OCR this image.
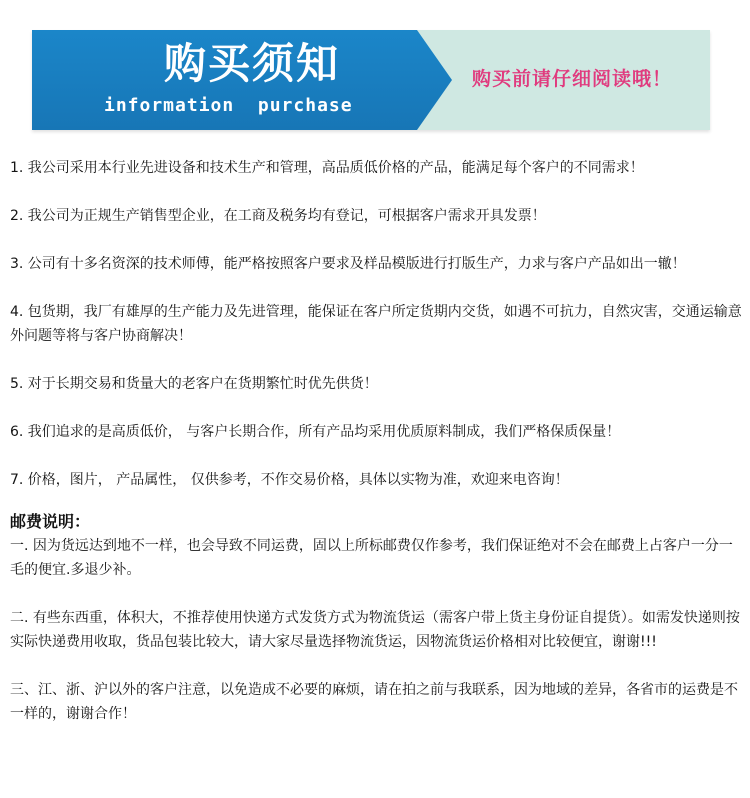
购买须知
information  purchase
购买前请仔细阅读哦！

1. 我公司采用本行业先进设备和技术生产和管理，高品质低价格的产品，能满足每个客户的不同需求！

2. 我公司为正规生产销售型企业，在工商及税务均有登记，可根据客户需求开具发票！

3. 公司有十多名资深的技术师傅，能严格按照客户要求及样品模版进行打版生产，力求与客户产品如出一辙！

4. 包货期，我厂有雄厚的生产能力及先进管理，能保证在客户所定货期内交货，如遇不可抗力，自然灾害，交通运输意外问题等将与客户协商解决！

5. 对于长期交易和货量大的老客户在货期繁忙时优先供货！

6. 我们追求的是高质低价， 与客户长期合作，所有产品均采用优质原料制成，我们严格保质保量！

7. 价格，图片， 产品属性， 仅供参考，不作交易价格，具体以实物为准，欢迎来电咨询！

邮费说明：

一. 因为货远达到地不一样，也会导致不同运费，固以上所标邮费仅作参考，我们保证绝对不会在邮费上占客户一分一毛的便宜.多退少补。

二. 有些东西重，体积大，不推荐使用快递方式发货方式为物流货运（需客户带上货主身份证自提货）。如需发快递则按实际快递费用收取，货品包装比较大，请大家尽量选择物流货运，因物流货运价格相对比较便宜，谢谢!!!

三、江、浙、沪以外的客户注意，以免造成不必要的麻烦，请在拍之前与我联系，因为地域的差异，各省市的运费是不一样的，谢谢合作！
